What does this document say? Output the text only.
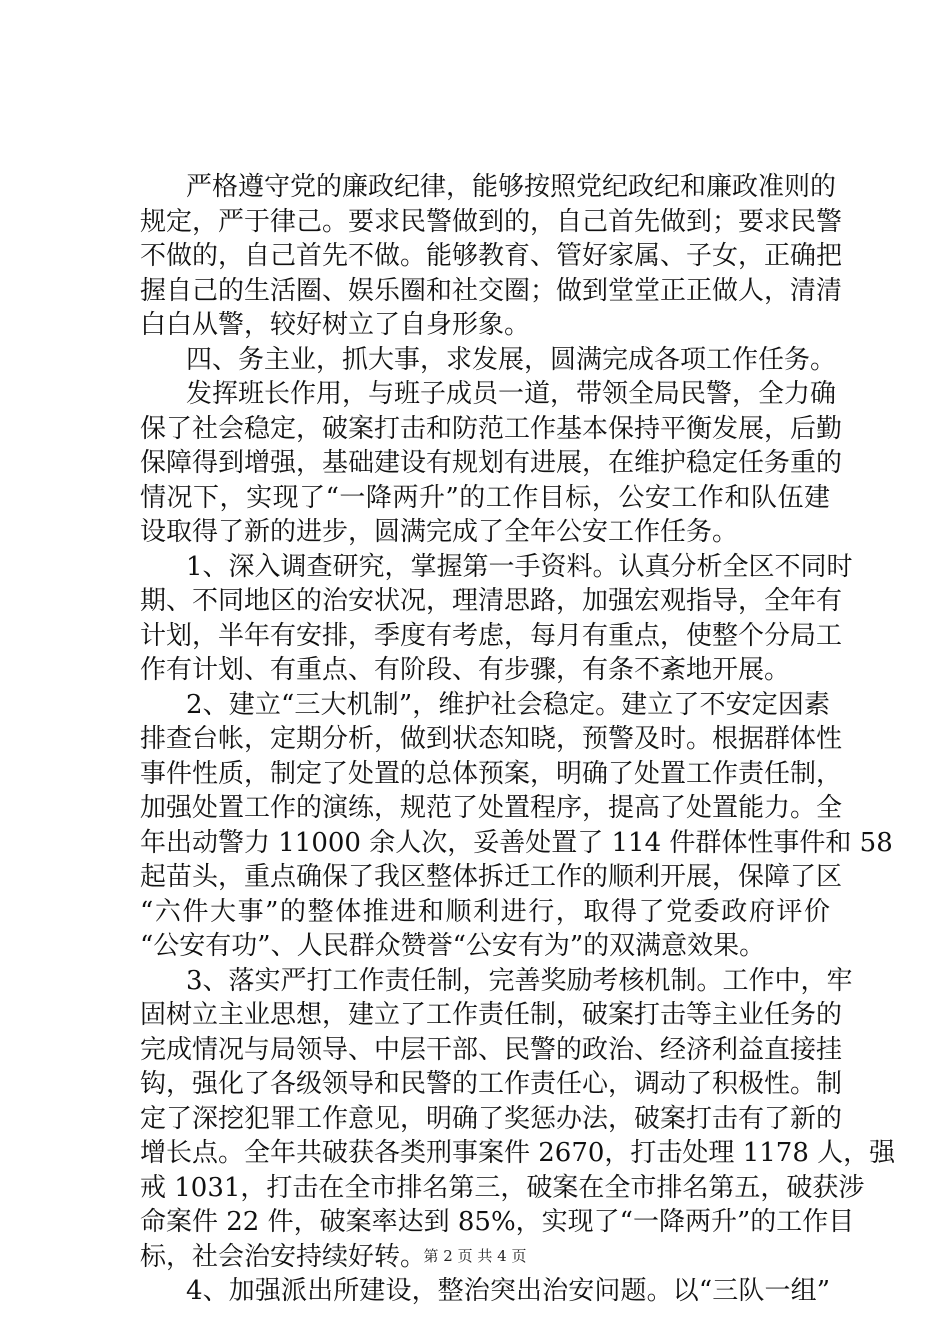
严格遵守党的廉政纪律，能够按照党纪政纪和廉政准则的
规定，严于律己。要求民警做到的，自己首先做到；要求民警
不做的，自己首先不做。能够教育、管好家属、子女，正确把
握自己的生活圈、娱乐圈和社交圈；做到堂堂正正做人，清清
白白从警，较好树立了自身形象。
四、务主业，抓大事，求发展，圆满完成各项工作任务。
发挥班长作用，与班子成员一道，带领全局民警，全力确
保了社会稳定，破案打击和防范工作基本保持平衡发展，后勤
保障得到增强，基础建设有规划有进展，在维护稳定任务重的
情况下，实现了“一降两升”的工作目标，公安工作和队伍建
设取得了新的进步，圆满完成了全年公安工作任务。
1、深入调查研究，掌握第一手资料。认真分析全区不同时
期、不同地区的治安状况，理清思路，加强宏观指导，全年有
计划，半年有安排，季度有考虑，每月有重点，使整个分局工
作有计划、有重点、有阶段、有步骤，有条不紊地开展。
2、建立“三大机制”，维护社会稳定。建立了不安定因素
排查台帐，定期分析，做到状态知晓，预警及时。根据群体性
事件性质，制定了处置的总体预案，明确了处置工作责任制，
加强处置工作的演练，规范了处置程序，提高了处置能力。全
年出动警力 11000 余人次，妥善处置了 114 件群体性事件和 58
起苗头，重点确保了我区整体拆迁工作的顺利开展，保障了区
“六件大事”的整体推进和顺利进行，取得了党委政府评价
“公安有功”、人民群众赞誉“公安有为”的双满意效果。
3、落实严打工作责任制，完善奖励考核机制。工作中，牢
固树立主业思想，建立了工作责任制，破案打击等主业任务的
完成情况与局领导、中层干部、民警的政治、经济利益直接挂
钩，强化了各级领导和民警的工作责任心，调动了积极性。制
定了深挖犯罪工作意见，明确了奖惩办法，破案打击有了新的
增长点。全年共破获各类刑事案件 2670，打击处理 1178 人，强
戒 1031，打击在全市排名第三，破案在全市排名第五，破获涉
命案件 22 件，破案率达到 85%，实现了“一降两升”的工作目
标，社会治安持续好转。
4、加强派出所建设，整治突出治安问题。以“三队一组”
第 2 页 共 4 页
